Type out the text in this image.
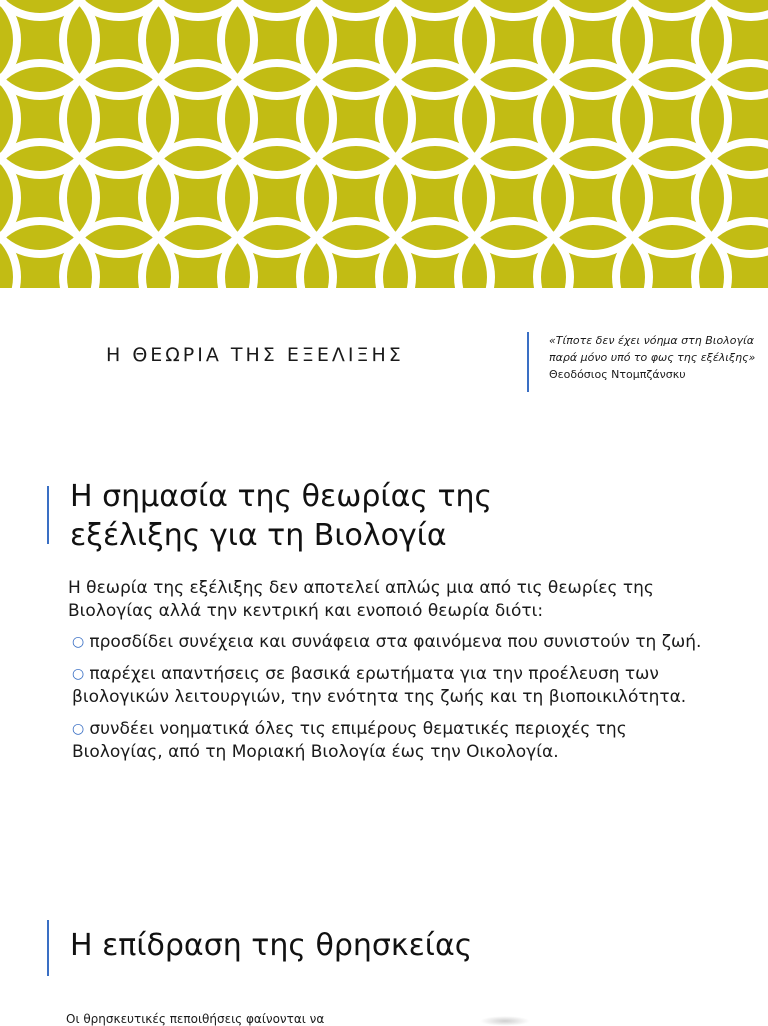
Η ΘΕΩΡΙΑ ΤΗΣ ΕΞΕΛΙΞΗΣ
«Τίποτε δεν έχει νόημα στη Βιολογία παρά μόνο υπό το φως της εξέλιξης»
Θεοδόσιος Ντομπζάνσκυ
Η σημασία της θεωρίας της
εξέλιξης για τη Βιολογία

Η θεωρία της εξέλιξης δεν αποτελεί απλώς μια από τις θεωρίες της Βιολογίας αλλά την κεντρική και ενοποιό θεωρία διότι:

○ προσδίδει συνέχεια και συνάφεια στα φαινόμενα που συνιστούν τη ζωή.
○ παρέχει απαντήσεις σε βασικά ερωτήματα για την προέλευση των βιολογικών λειτουργιών, την ενότητα της ζωής και τη βιοποικιλότητα.
○ συνδέει νοηματικά όλες τις επιμέρους θεματικές περιοχές της Βιολογίας, από τη Μοριακή Βιολογία έως την Οικολογία.
Η επίδραση της θρησκείας

Οι θρησκευτικές πεποιθήσεις φαίνονται να
